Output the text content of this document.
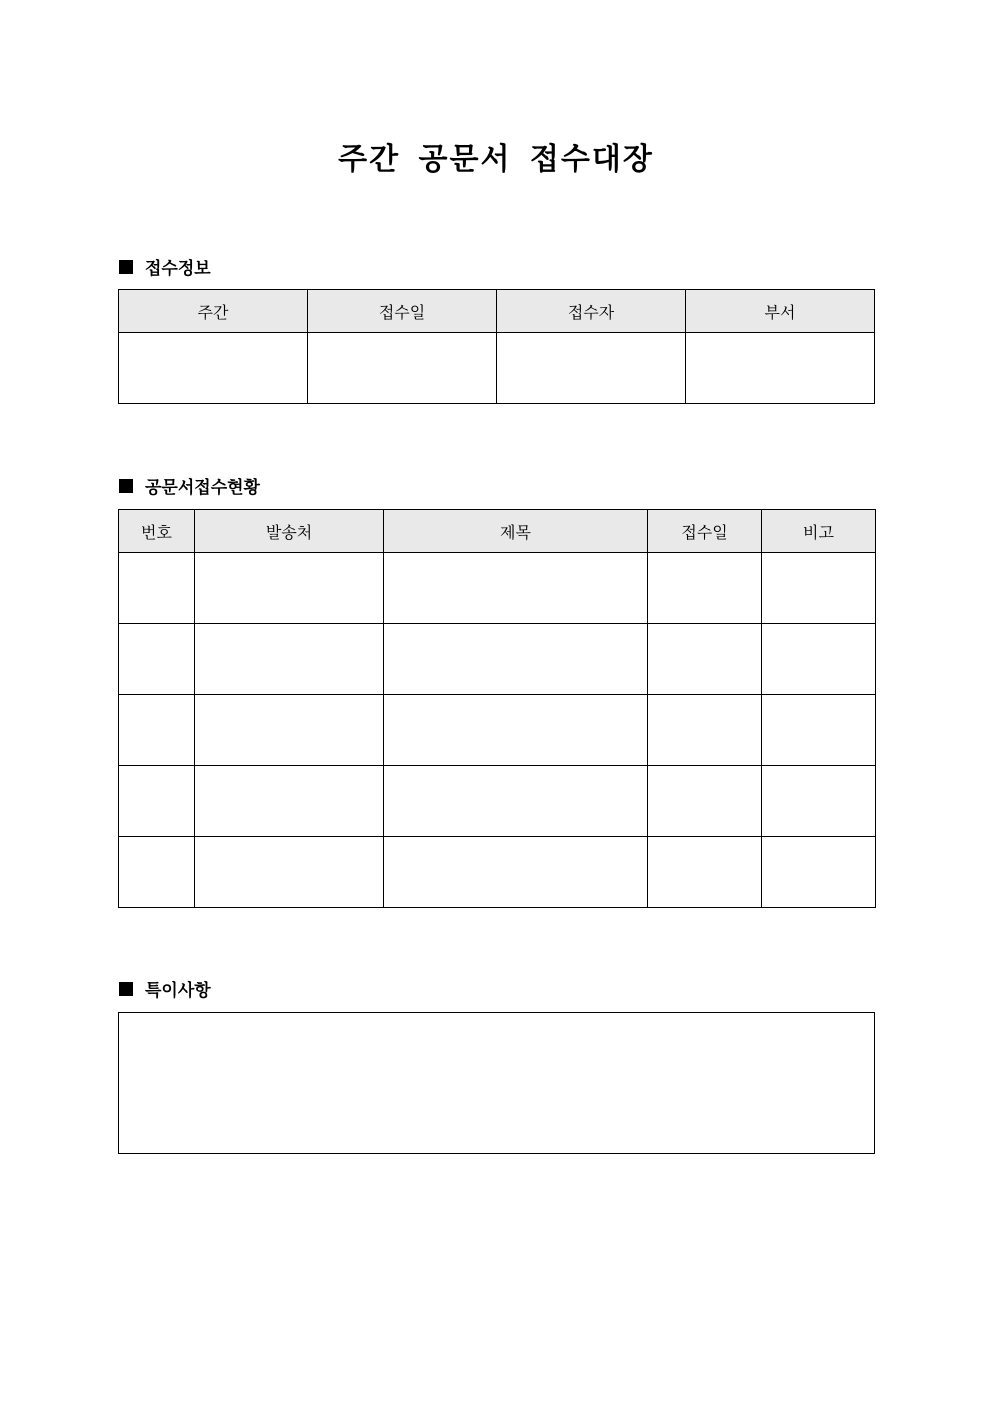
주간 공문서 접수대장
접수정보
주간	접수일	접수자	부서

공문서접수현황
번호	발송처	제목	접수일	비고

특이사항
